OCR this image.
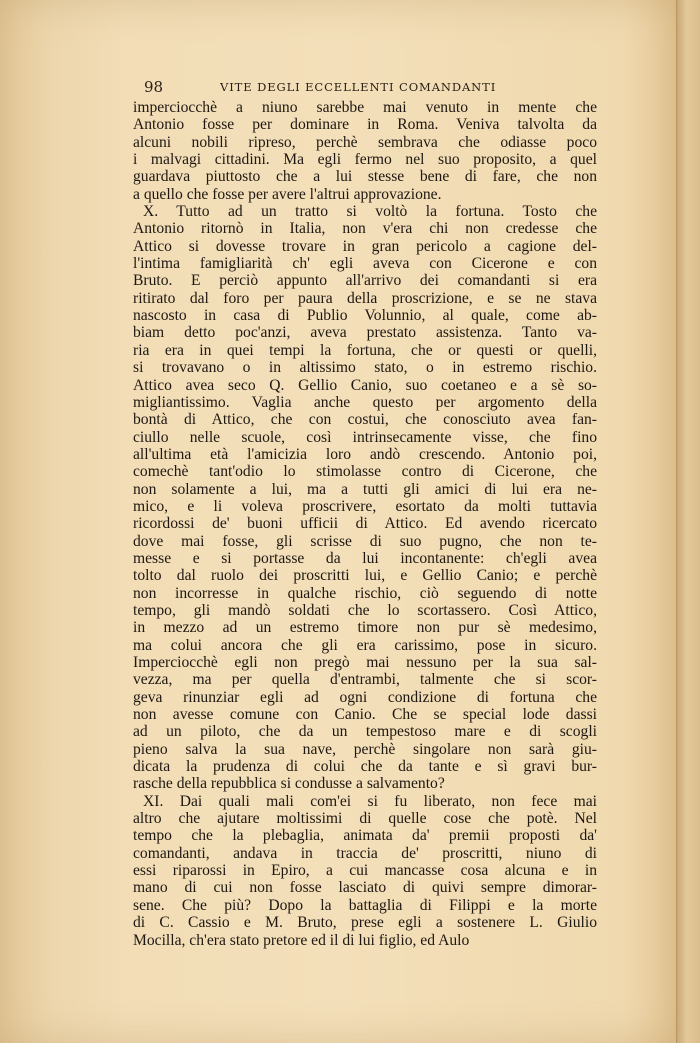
98	VITE DEGLI ECCELLENTI COMANDANTI
imperciocchè a niuno sarebbe mai venuto in mente che
Antonio fosse per dominare in Roma. Veniva talvolta da
alcuni nobili ripreso, perchè sembrava che odiasse poco
i malvagi cittadini. Ma egli fermo nel suo proposito, a quel
guardava piuttosto che a lui stesse bene di fare, che non
a quello che fosse per avere l'altrui approvazione.
X. Tutto ad un tratto si voltò la fortuna. Tosto che
Antonio ritornò in Italia, non v'era chi non credesse che
Attico si dovesse trovare in gran pericolo a cagione del-
l'intima famigliarità ch' egli aveva con Cicerone e con
Bruto. E perciò appunto all'arrivo dei comandanti si era
ritirato dal foro per paura della proscrizione, e se ne stava
nascosto in casa di Publio Volunnio, al quale, come ab-
biam detto poc'anzi, aveva prestato assistenza. Tanto va-
ria era in quei tempi la fortuna, che or questi or quelli,
si trovavano o in altissimo stato, o in estremo rischio.
Attico avea seco Q. Gellio Canio, suo coetaneo e a sè so-
migliantissimo. Vaglia anche questo per argomento della
bontà di Attico, che con costui, che conosciuto avea fan-
ciullo nelle scuole, così intrinsecamente visse, che fino
all'ultima età l'amicizia loro andò crescendo. Antonio poi,
comechè tant'odio lo stimolasse contro di Cicerone, che
non solamente a lui, ma a tutti gli amici di lui era ne-
mico, e li voleva proscrivere, esortato da molti tuttavia
ricordossi de' buoni ufficii di Attico. Ed avendo ricercato
dove mai fosse, gli scrisse di suo pugno, che non te-
messe e si portasse da lui incontanente: ch'egli avea
tolto dal ruolo dei proscritti lui, e Gellio Canio; e perchè
non incorresse in qualche rischio, ciò seguendo di notte
tempo, gli mandò soldati che lo scortassero. Così Attico,
in mezzo ad un estremo timore non pur sè medesimo,
ma colui ancora che gli era carissimo, pose in sicuro.
Imperciocchè egli non pregò mai nessuno per la sua sal-
vezza, ma per quella d'entrambi, talmente che si scor-
geva rinunziar egli ad ogni condizione di fortuna che
non avesse comune con Canio. Che se special lode dassi
ad un piloto, che da un tempestoso mare e di scogli
pieno salva la sua nave, perchè singolare non sarà giu-
dicata la prudenza di colui che da tante e sì gravi bur-
rasche della repubblica si condusse a salvamento?
XI. Dai quali mali com'ei si fu liberato, non fece mai
altro che ajutare moltissimi di quelle cose che potè. Nel
tempo che la plebaglia, animata da' premii proposti da'
comandanti, andava in traccia de' proscritti, niuno di
essi riparossi in Epiro, a cui mancasse cosa alcuna e in
mano di cui non fosse lasciato di quivi sempre dimorar-
sene. Che più? Dopo la battaglia di Filippi e la morte
di C. Cassio e M. Bruto, prese egli a sostenere L. Giulio
Mocilla, ch'era stato pretore ed il di lui figlio, ed Aulo
